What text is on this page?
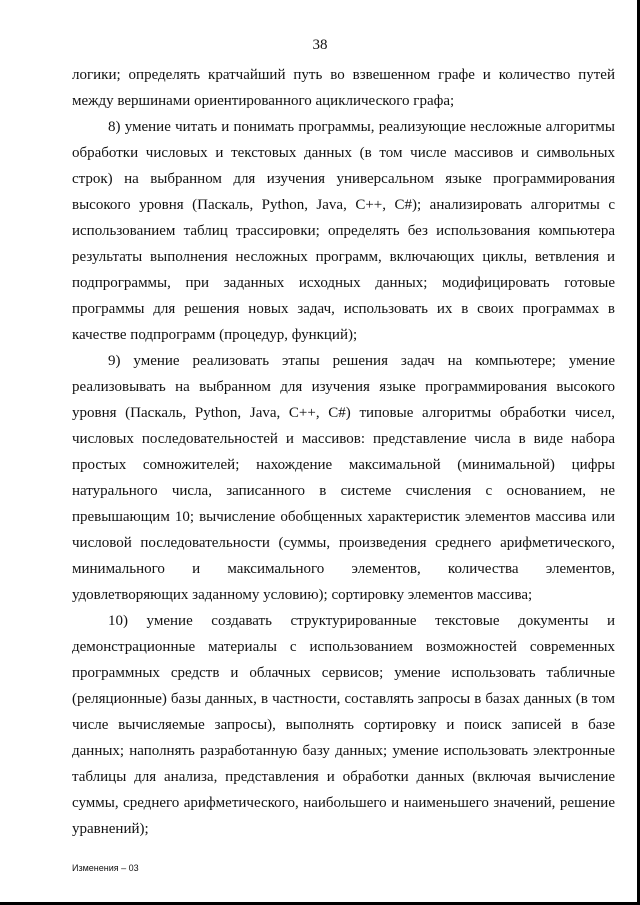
38

логики; определять кратчайший путь во взвешенном графе и количество путей между вершинами ориентированного ациклического графа;

8) умение читать и понимать программы, реализующие несложные алгоритмы обработки числовых и текстовых данных (в том числе массивов и символьных строк) на выбранном для изучения универсальном языке программирования высокого уровня (Паскаль, Python, Java, C++, C#); анализировать алгоритмы с использованием таблиц трассировки; определять без использования компьютера результаты выполнения несложных программ, включающих циклы, ветвления и подпрограммы, при заданных исходных данных; модифицировать готовые программы для решения новых задач, использовать их в своих программах в качестве подпрограмм (процедур, функций);

9) умение реализовать этапы решения задач на компьютере; умение реализовывать на выбранном для изучения языке программирования высокого уровня (Паскаль, Python, Java, C++, C#) типовые алгоритмы обработки чисел, числовых последовательностей и массивов: представление числа в виде набора простых сомножителей; нахождение максимальной (минимальной) цифры натурального числа, записанного в системе счисления с основанием, не превышающим 10; вычисление обобщенных характеристик элементов массива или числовой последовательности (суммы, произведения среднего арифметического, минимального и максимального элементов, количества элементов, удовлетворяющих заданному условию); сортировку элементов массива;

10) умение создавать структурированные текстовые документы и демонстрационные материалы с использованием возможностей современных программных средств и облачных сервисов; умение использовать табличные (реляционные) базы данных, в частности, составлять запросы в базах данных (в том числе вычисляемые запросы), выполнять сортировку и поиск записей в базе данных; наполнять разработанную базу данных; умение использовать электронные таблицы для анализа, представления и обработки данных (включая вычисление суммы, среднего арифметического, наибольшего и наименьшего значений, решение уравнений);

Изменения – 03
